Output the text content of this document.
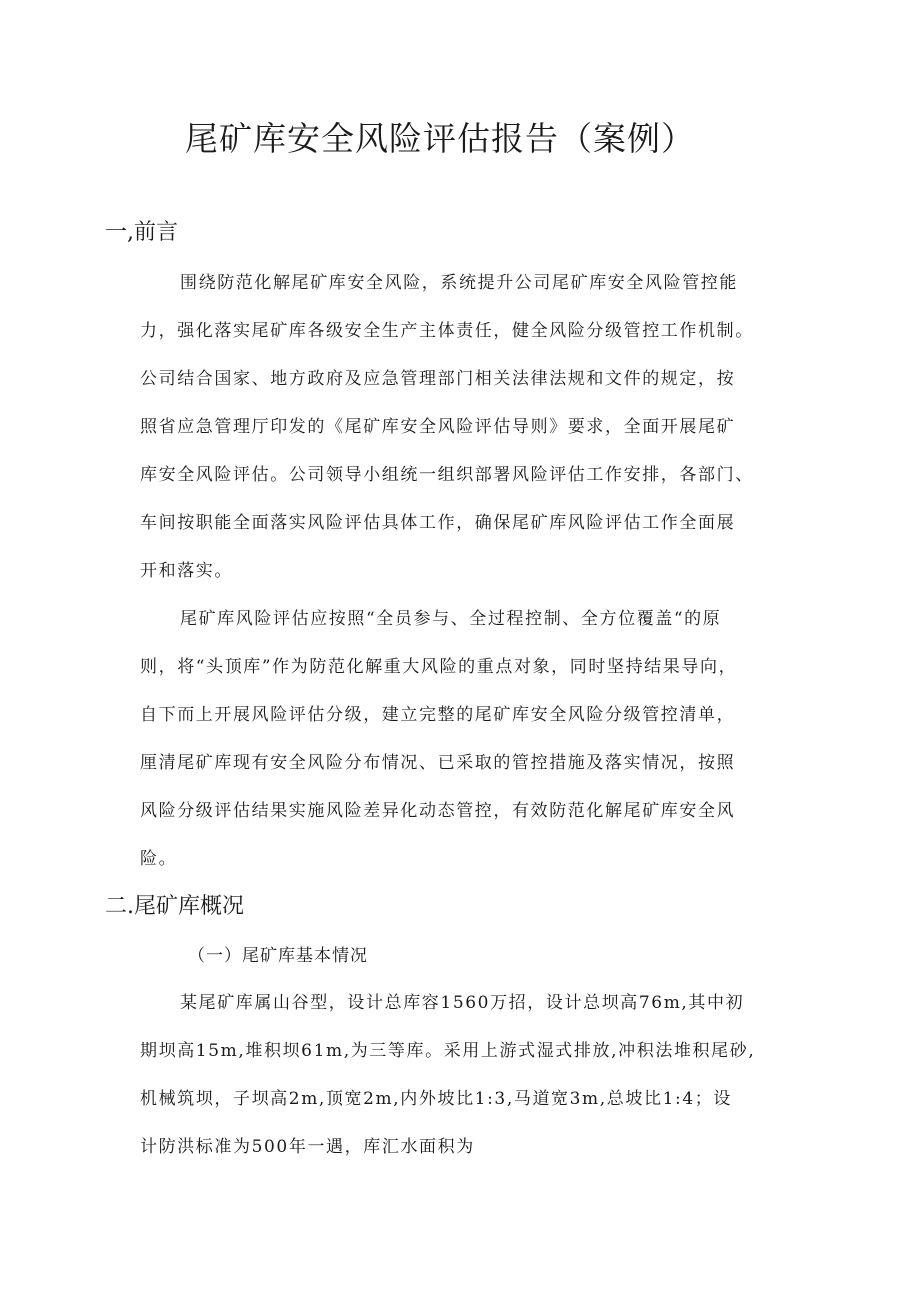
尾矿库安全风险评估报告（案例）
一,前言
围绕防范化解尾矿库安全风险，系统提升公司尾矿库安全风险管控能
力，强化落实尾矿库各级安全生产主体责任，健全风险分级管控工作机制。
公司结合国家、地方政府及应急管理部门相关法律法规和文件的规定，按
照省应急管理厅印发的《尾矿库安全风险评估导则》要求，全面开展尾矿
库安全风险评估。公司领导小组统一组织部署风险评估工作安排，各部门、
车间按职能全面落实风险评估具体工作，确保尾矿库风险评估工作全面展
开和落实。
尾矿库风险评估应按照“全员参与、全过程控制、全方位覆盖“的原
则，将“头顶库”作为防范化解重大风险的重点对象，同时坚持结果导向，
自下而上开展风险评估分级，建立完整的尾矿库安全风险分级管控清单，
厘清尾矿库现有安全风险分布情况、已采取的管控措施及落实情况，按照
风险分级评估结果实施风险差异化动态管控，有效防范化解尾矿库安全风
险。
二.尾矿库概况
（一）尾矿库基本情况
某尾矿库属山谷型，设计总库容1560万招，设计总坝高76m,其中初
期坝高15m,堆积坝61m,为三等库。采用上游式湿式排放,冲积法堆积尾砂,
机械筑坝，子坝高2m,顶宽2m,内外坡比1:3,马道宽3m,总坡比1:4；设
计防洪标准为500年一遇，库汇水面积为
